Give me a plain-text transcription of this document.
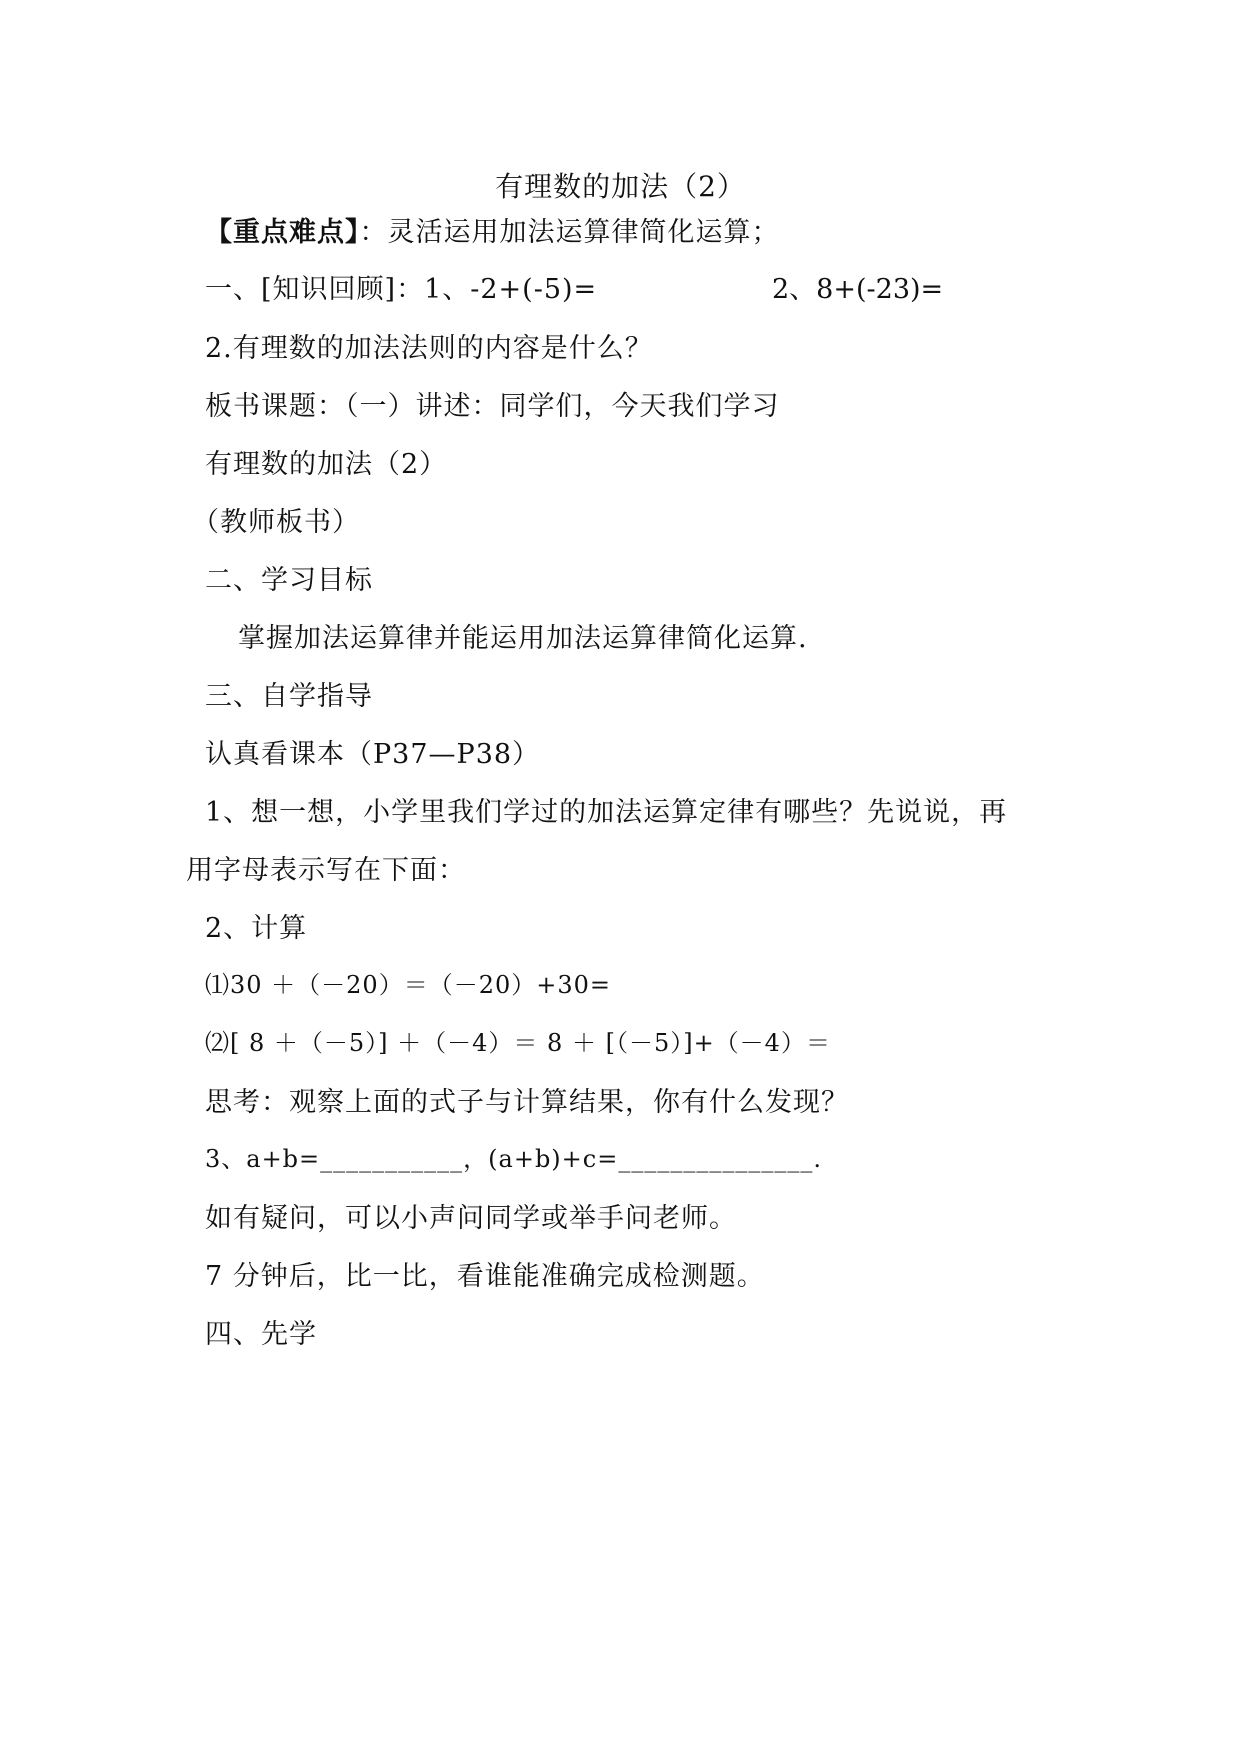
有理数的加法（2）
【重点难点】：灵活运用加法运算律简化运算；
一、[知识回顾]：1、-2+(-5)=	2、8+(-23)=
2.有理数的加法法则的内容是什么？
板书课题：（一）讲述：同学们，今天我们学习
有理数的加法（2）
（教师板书）
二、学习目标
掌握加法运算律并能运用加法运算律简化运算.
三、自学指导
认真看课本（P37—P38）
1、想一想，小学里我们学过的加法运算定律有哪些？先说说，再
用字母表示写在下面：
2、计算
⑴30 ＋（－20）＝（－20）+30=
⑵[ 8 ＋（－5）] ＋（－4）＝ 8 ＋ [（－5）]+（－4）＝
思考：观察上面的式子与计算结果，你有什么发现？
3、a+b=___________，(a+b)+c=_______________.
如有疑问，可以小声问同学或举手问老师。
7 分钟后，比一比，看谁能准确完成检测题。
四、先学
